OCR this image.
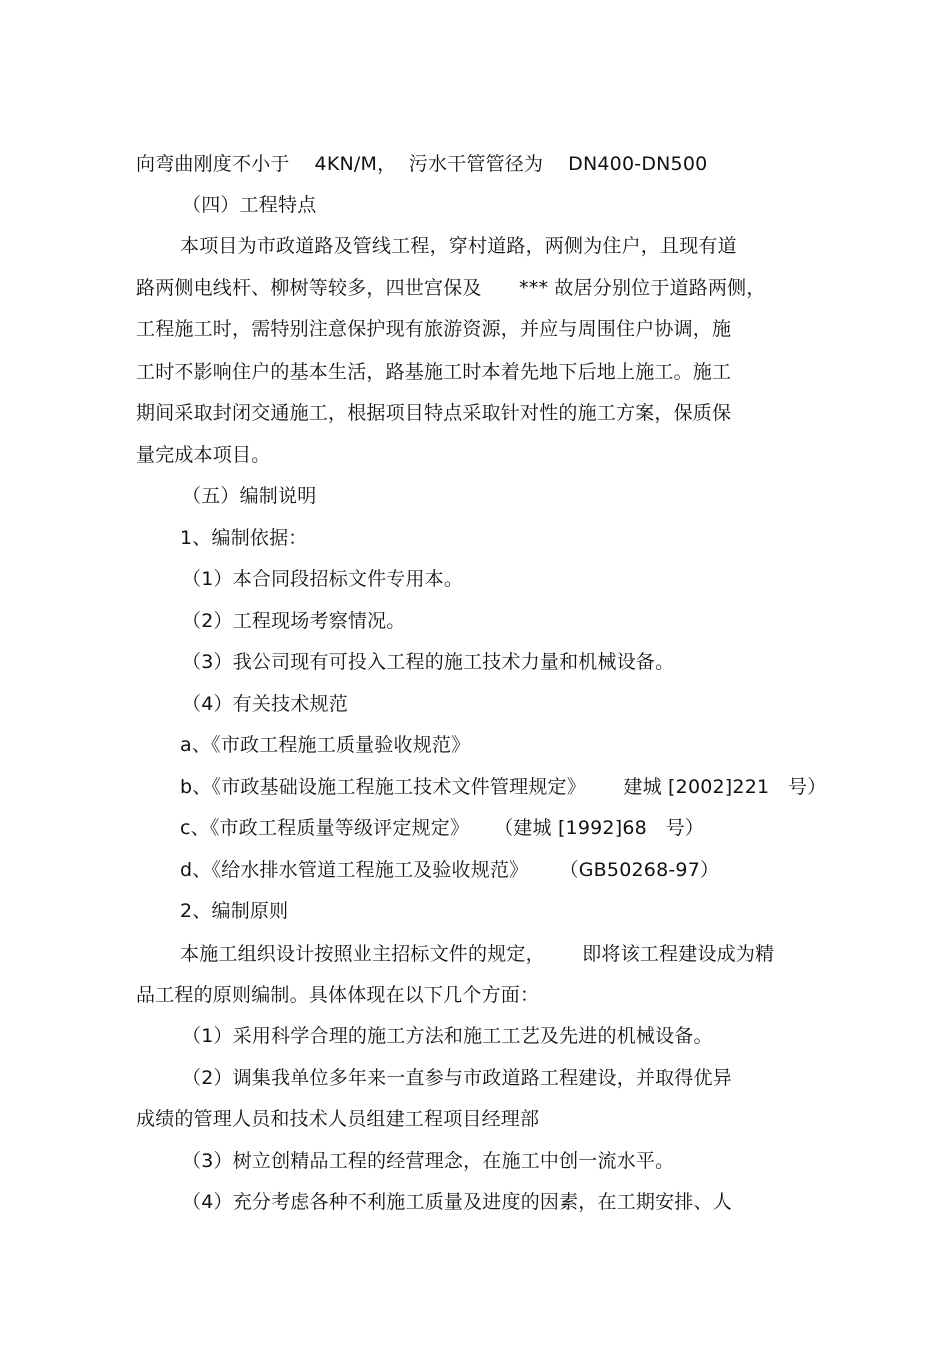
向弯曲刚度不小于    4KN/M，  污水干管管径为    DN400-DN500
（四）工程特点
本项目为市政道路及管线工程，穿村道路，两侧为住户，且现有道
路两侧电线杆、柳树等较多，四世宫保及      *** 故居分别位于道路两侧，
工程施工时，需特别注意保护现有旅游资源，并应与周围住户协调，施
工时不影响住户的基本生活，路基施工时本着先地下后地上施工。施工
期间采取封闭交通施工，根据项目特点采取针对性的施工方案，保质保
量完成本项目。
（五）编制说明
1、编制依据：
（1）本合同段招标文件专用本。
（2）工程现场考察情况。
（3）我公司现有可投入工程的施工技术力量和机械设备。
（4）有关技术规范
a、《市政工程施工质量验收规范》
b、《市政基础设施工程施工技术文件管理规定》      建城 [2002]221   号）
c、《市政工程质量等级评定规定》    （建城 [1992]68   号）
d、《给水排水管道工程施工及验收规范》     （GB50268-97）
2、编制原则
本施工组织设计按照业主招标文件的规定，      即将该工程建设成为精
品工程的原则编制。具体体现在以下几个方面：
（1）采用科学合理的施工方法和施工工艺及先进的机械设备。
（2）调集我单位多年来一直参与市政道路工程建设，并取得优异
成绩的管理人员和技术人员组建工程项目经理部
（3）树立创精品工程的经营理念，在施工中创一流水平。
（4）充分考虑各种不利施工质量及进度的因素，在工期安排、人
